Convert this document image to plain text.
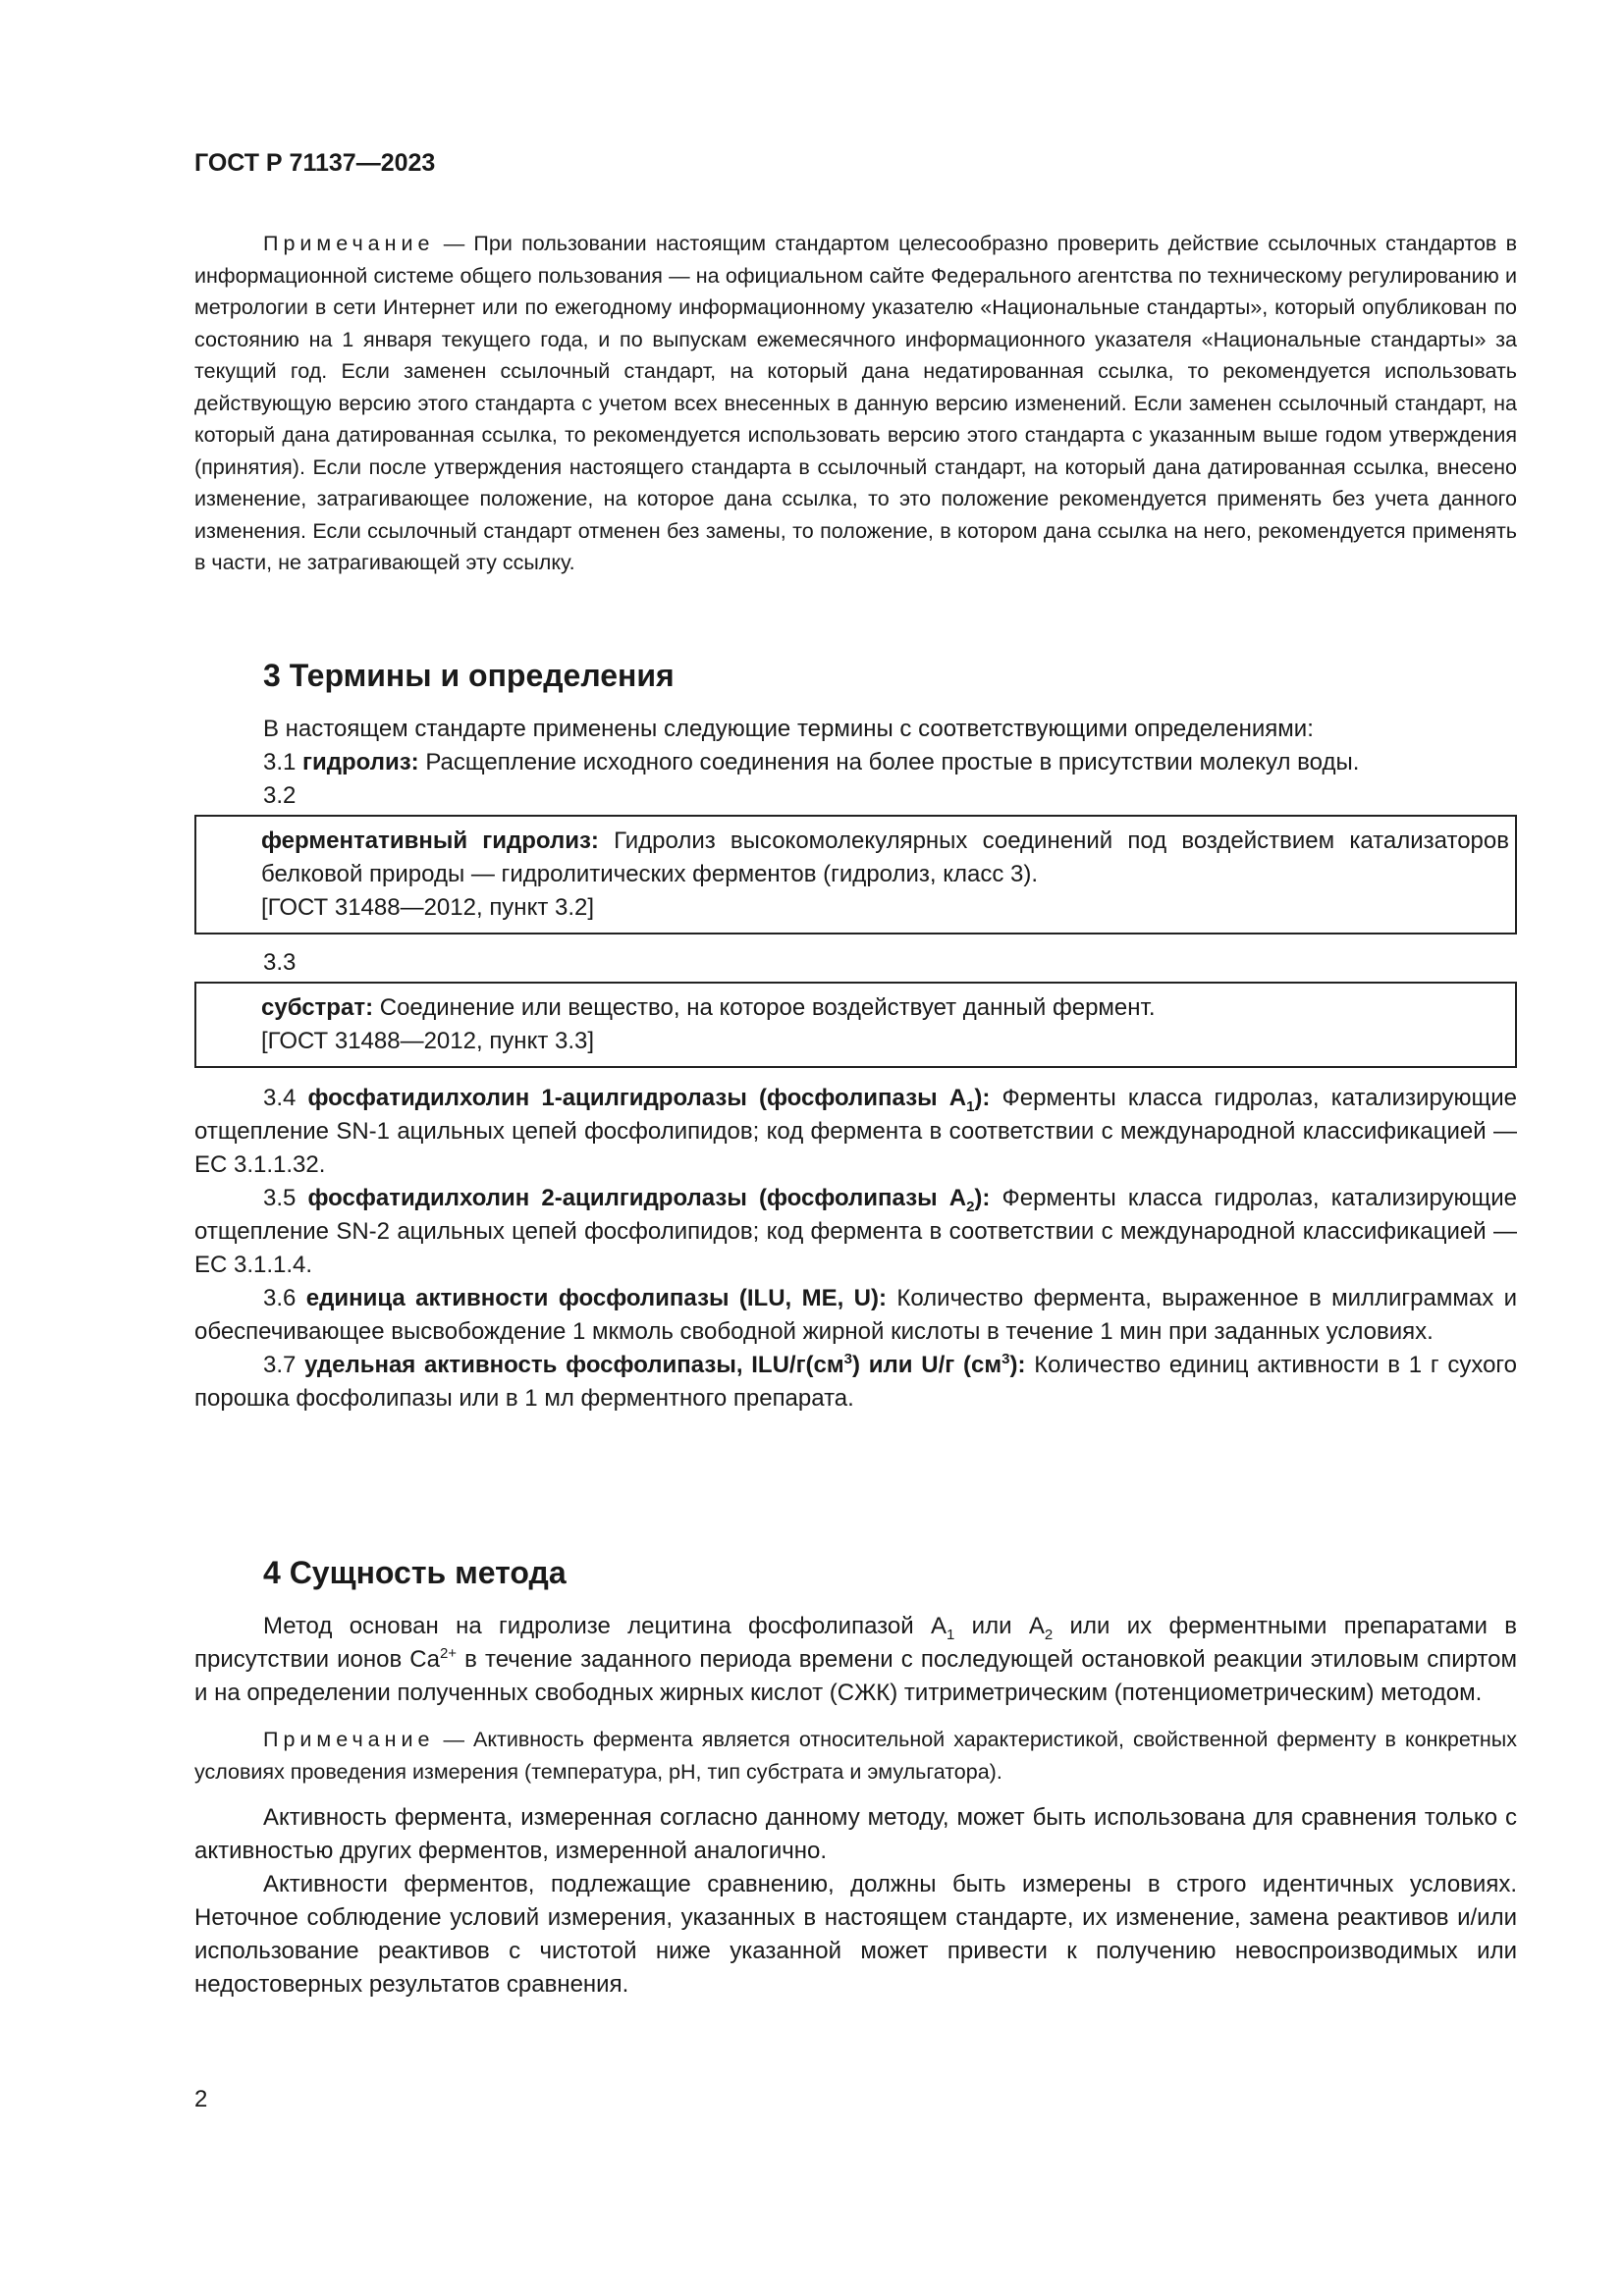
ГОСТ Р 71137—2023

Примечание — При пользовании настоящим стандартом целесообразно проверить действие ссылочных стандартов в информационной системе общего пользования — на официальном сайте Федерального агентства по техническому регулированию и метрологии в сети Интернет или по ежегодному информационному указателю «Национальные стандарты», который опубликован по состоянию на 1 января текущего года, и по выпускам ежемесячного информационного указателя «Национальные стандарты» за текущий год. Если заменен ссылочный стандарт, на который дана недатированная ссылка, то рекомендуется использовать действующую версию этого стандарта с учетом всех внесенных в данную версию изменений. Если заменен ссылочный стандарт, на который дана датированная ссылка, то рекомендуется использовать версию этого стандарта с указанным выше годом утверждения (принятия). Если после утверждения настоящего стандарта в ссылочный стандарт, на который дана датированная ссылка, внесено изменение, затрагивающее положение, на которое дана ссылка, то это положение рекомендуется применять без учета данного изменения. Если ссылочный стандарт отменен без замены, то положение, в котором дана ссылка на него, рекомендуется применять в части, не затрагивающей эту ссылку.

3 Термины и определения

В настоящем стандарте применены следующие термины с соответствующими определениями:

3.1 гидролиз: Расщепление исходного соединения на более простые в присутствии молекул воды.

3.2

ферментативный гидролиз: Гидролиз высокомолекулярных соединений под воздействием катализаторов белковой природы — гидролитических ферментов (гидролиз, класс 3).

[ГОСТ 31488—2012, пункт 3.2]

3.3

субстрат: Соединение или вещество, на которое воздействует данный фермент.

[ГОСТ 31488—2012, пункт 3.3]

3.4 фосфатидилхолин 1-ацилгидролазы (фосфолипазы $A_1$): Ферменты класса гидролаз, катализирующие отщепление SN-1 ацильных цепей фосфолипидов; код фермента в соответствии с международной классификацией — ЕС 3.1.1.32.

3.5 фосфатидилхолин 2-ацилгидролазы (фосфолипазы $A_2$): Ферменты класса гидролаз, катализирующие отщепление SN-2 ацильных цепей фосфолипидов; код фермента в соответствии с международной классификацией — ЕС 3.1.1.4.

3.6 единица активности фосфолипазы (ILU, ME, U): Количество фермента, выраженное в миллиграммах и обеспечивающее высвобождение 1 мкмоль свободной жирной кислоты в течение 1 мин при заданных условиях.

3.7 удельная активность фосфолипазы, ILU/$г(см^3)$ или U/г $(см^3)$: Количество единиц активности в 1 г сухого порошка фосфолипазы или в 1 мл ферментного препарата.

4 Сущность метода

Метод основан на гидролизе лецитина фосфолипазой $A_1$ или $A_2$ или их ферментными препаратами в присутствии ионов $Ca^{2+}$ в течение заданного периода времени с последующей остановкой реакции этиловым спиртом и на определении полученных свободных жирных кислот (СЖК) титриметрическим (потенциометрическим) методом.

Примечание — Активность фермента является относительной характеристикой, свойственной ферменту в конкретных условиях проведения измерения (температура, pH, тип субстрата и эмульгатора).

Активность фермента, измеренная согласно данному методу, может быть использована для сравнения только с активностью других ферментов, измеренной аналогично.

Активности ферментов, подлежащие сравнению, должны быть измерены в строго идентичных условиях. Неточное соблюдение условий измерения, указанных в настоящем стандарте, их изменение, замена реактивов и/или использование реактивов с чистотой ниже указанной может привести к получению невоспроизводимых или недостоверных результатов сравнения.

2
